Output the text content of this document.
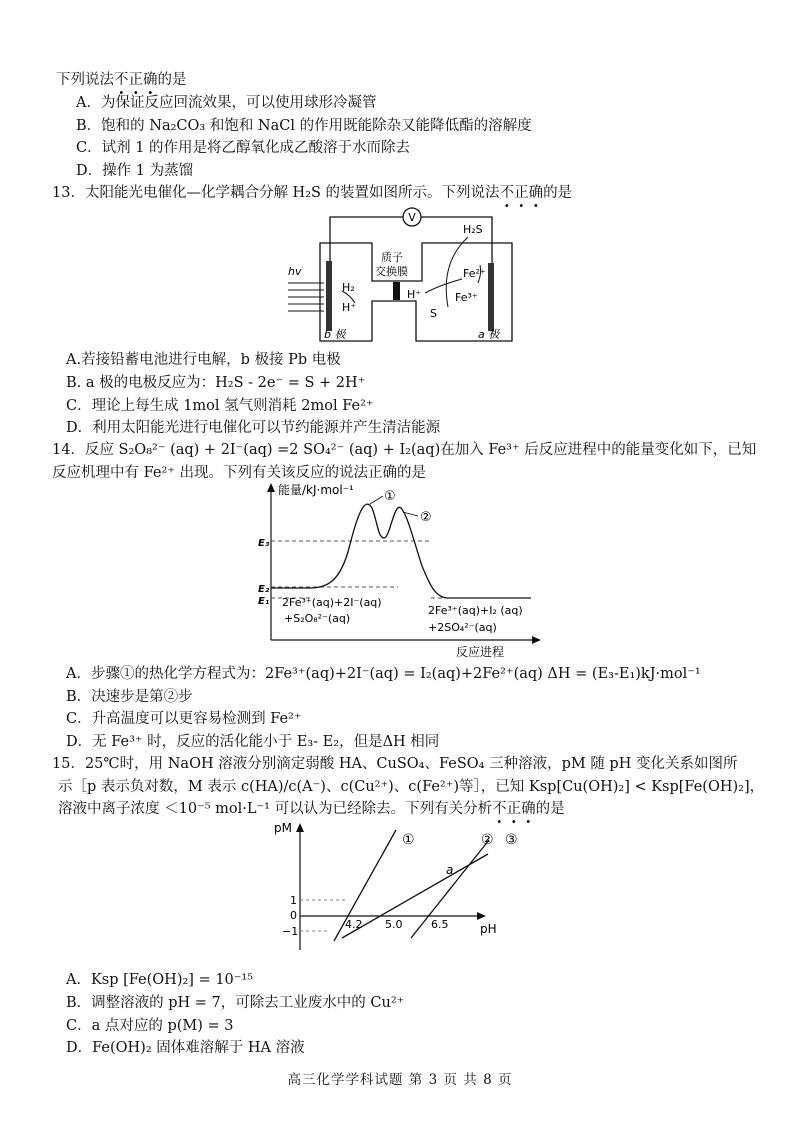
下列说法不正确的是
A．为保证反应回流效果，可以使用球形冷凝管
B．饱和的 Na₂CO₃ 和饱和 NaCl 的作用既能除杂又能降低酯的溶解度
C．试剂 1 的作用是将乙醇氧化成乙酸溶于水而除去
D．操作 1 为蒸馏
13．太阳能光电催化—化学耦合分解 H₂S 的装置如图所示。下列说法不正确的是
V
hv
质子
交换膜
H₂
H⁺
H⁺
H₂S
Fe²⁺
Fe³⁺
S
b 极	a 极
A.若接铅蓄电池进行电解，b 极接 Pb 电极
B. a 极的电极反应为：H₂S - 2e⁻ = S + 2H⁺
C．理论上每生成 1mol 氢气则消耗 2mol Fe²⁺
D．利用太阳能光进行电催化可以节约能源并产生清洁能源
14．反应 S₂O₈²⁻ (aq) + 2I⁻(aq) =2 SO₄²⁻ (aq) + I₂(aq)在加入 Fe³⁺ 后反应进程中的能量变化如下，已知
反应机理中有 Fe²⁺ 出现。下列有关该反应的说法正确的是
能量/kJ·mol⁻¹
反应进程
E₃
E₂
E₁
①
②
2Fe³⁺(aq)+2I⁻(aq)
+S₂O₈²⁻(aq)
2Fe³⁺(aq)+I₂ (aq)
+2SO₄²⁻(aq)
A．步骤①的热化学方程式为：2Fe³⁺(aq)+2I⁻(aq) = I₂(aq)+2Fe²⁺(aq) ΔH = (E₃-E₁)kJ·mol⁻¹
B．决速步是第②步
C．升高温度可以更容易检测到 Fe²⁺
D．无 Fe³⁺ 时，反应的活化能小于 E₃- E₂，但是ΔH 相同
15．25℃时，用 NaOH 溶液分别滴定弱酸 HA、CuSO₄、FeSO₄ 三种溶液，pM 随 pH 变化关系如图所
示［p 表示负对数，M 表示 c(HA)/c(A⁻)、c(Cu²⁺)、c(Fe²⁺)等］，已知 Ksp[Cu(OH)₂] < Ksp[Fe(OH)₂]，
溶液中离子浓度 ＜10⁻⁵ mol·L⁻¹ 可以认为已经除去。下列有关分析不正确的是
pM
pH
1
0
−1
4.2 5.0	6.5
a
①	② ③
A．Ksp [Fe(OH)₂] = 10⁻¹⁵
B．调整溶液的 pH = 7，可除去工业废水中的 Cu²⁺
C．a 点对应的 p(M) = 3
D．Fe(OH)₂ 固体难溶解于 HA 溶液
高三化学学科试题 第 3 页 共 8 页
